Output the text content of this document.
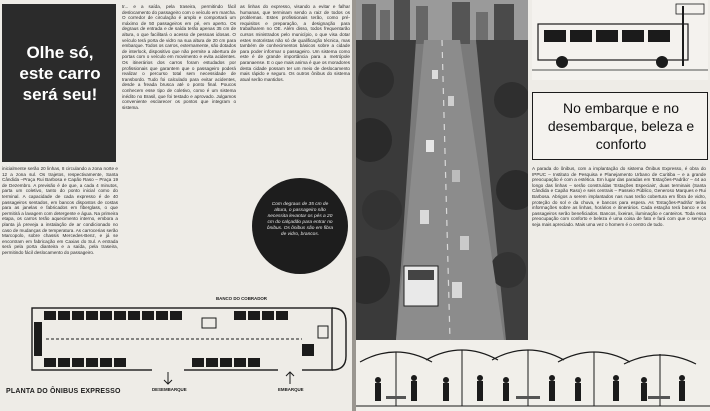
Olhe só, este carro será seu!

inicialmente serão 20 linhas, 8 circulando a zona norte e 12 a zona sul. Os trajetos, respectivamente, Santa Cândida –Praça Rui Barbosa e Capão Raso – Praça 19 de Dezembro. A previsão é de que, a cada 4 minutos, parta um coletivo, tanto do ponto inicial como do terminal. A capacidade de cada expresso é de 40 passageiros sentados, em bancos dispostos de costas para as janelas e fabricados em fiberglass, o que permitirá a lavagem com detergente e água. Na primeira etapa, os carros terão aquecimento interno, embora a planta já preveja a instalação de ar condicionado no caso de mudanças de temperatura. As carrocerias serão Marcopolo, sobre chassis Mercedes-Benz, e já se encontram em fabricação em Caxias do Sul. A entrada será pela porta dianteira e a saída, pela traseira, permitindo fácil deslocamento do passageiro.

tr... e a saída, pela traseira, permitindo fácil deslocamento do passageiro com o veículo em marcha. O corredor de circulação é amplo e comportará um máximo de 50 passageiros em pé, em aperto. Os degraus de entrada e de saída terão apenas 35 cm de altura, o que facilitará o acesso de pessoas idosas. O veículo terá porta de vidro na sua altura de 20 cm para embarque. Todos os carros, externamente, são dotados de interlock, dispositivo que não permite a abertura de portas com o veículo em movimento e evita acidentes. Os itinerários dos carros foram estudados por profissionais que garantem que o passageiro poderá realizar o percurso total sem necessidade de transbordo. Tudo foi calculado para evitar acidentes, desde a freada brusca até o ponto final. Poucos conhecem esse tipo de coletivo, como é um sistema inédito no Brasil, que foi testado e aprovado. Julgamos conveniente esclarecer os pontos que integram o sistema.

as linhas do expresso, visando a evitar e falhar humanas, que terminam sendo a raiz de todos os problemas. Estes profissionais terão, como pré-requisitos e preparação, a designação para trabalharem no OE. Além disso, todos frequentarão cursos ministrados pelo município, o que visa dotar estes motoristas não só de qualificação técnica, mas também de conhecimentos básicos sobre a cidade para poder informar o passageiro. Um sistema como este é de grande importância para a metrópole paranaense. E o que mais anima é que os moradores desta cidade possam ter um meio de deslocamento mais rápido e seguro. Os outros ônibus do sistema atual serão mantidos.

Com degraus de 35 cm de altura, o passageiro não necessita levantar os pés a 20 cm do calçadão para entrar no ônibus. Os ônibus são em fibra de vidro, brancos.

BANCO DO COBRADOR
DESEMBARQUE	EMBARQUE
PLANTA DO ÔNIBUS EXPRESSO
No embarque e no desembarque, beleza e conforto

A parada do ônibus, com a implantação do sistema Ônibus Expresso, é obra do IPPUC – Instituto de Pesquisa e Planejamento Urbano de Curitiba – e a grande preocupação é com a estética. Em lugar das paradas em 'Estações-Padrão' – 44 ao longo das linhas – serão construídas 'Estações Especiais', duas terminais (Santa Cândida e Capão Raso) e seis centrais – Passeio Público, Generoso Marques e Rui Barbosa. Abrigos a serem implantados nas ruas terão cobertura em fibra de vidro, proteção do sol e da chuva, e bancos para espera. As 'Estações-Padrão' terão informações sobre as linhas, horários e itinerários. Cada estação terá banco e os passageiros serão beneficiados. Bancos, lixeiras, iluminação e canteiros. Toda essa preocupação com conforto e beleza é uma coisa de fato e fará com que o serviço seja mais apreciado. Mais uma vez o homem é o centro de tudo.
